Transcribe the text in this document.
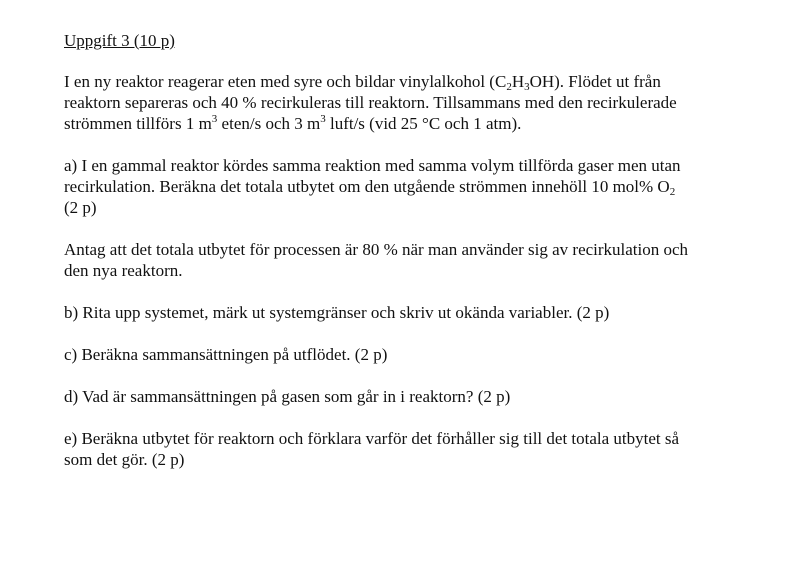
Uppgift 3 (10 p)
I en ny reaktor reagerar eten med syre och bildar vinylalkohol $(C_2H_3OH)$. Flödet ut från
reaktorn separeras och 40 % recirkuleras till reaktorn. Tillsammans med den recirkulerade
strömmen tillförs 1 $m^3$ eten/s och 3 $m^3$ luft/s (vid 25 °C och 1 atm).
a) I en gammal reaktor kördes samma reaktion med samma volym tillförda gaser men utan
recirkulation. Beräkna det totala utbytet om den utgående strömmen innehöll 10 mol% $O_2$
(2 p)
Antag att det totala utbytet för processen är 80 % när man använder sig av recirkulation och
den nya reaktorn.
b) Rita upp systemet, märk ut systemgränser och skriv ut okända variabler. (2 p)
c) Beräkna sammansättningen på utflödet. (2 p)
d) Vad är sammansättningen på gasen som går in i reaktorn? (2 p)
e) Beräkna utbytet för reaktorn och förklara varför det förhåller sig till det totala utbytet så
som det gör. (2 p)
